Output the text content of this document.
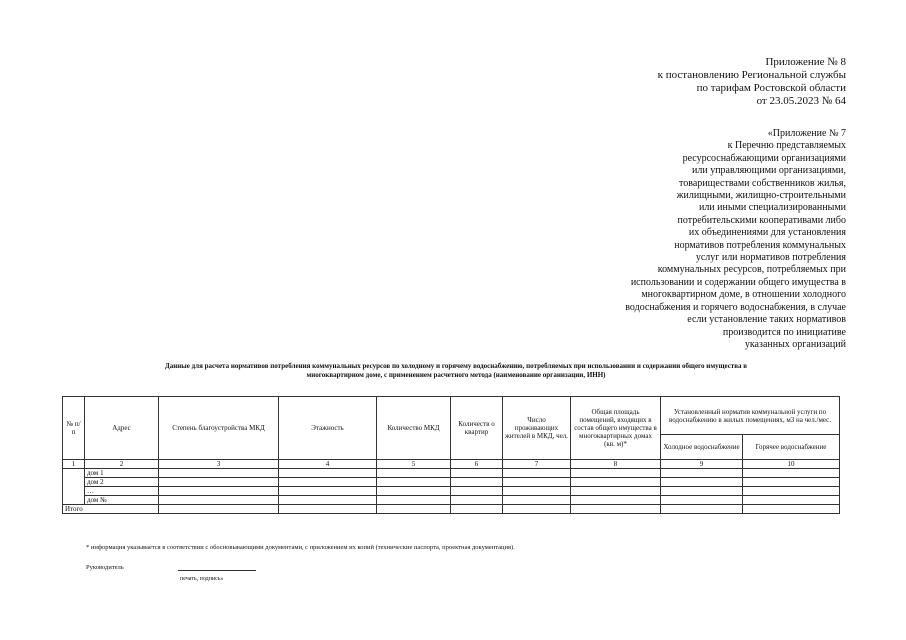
Приложение № 8
к постановлению Региональной службы
по тарифам Ростовской области
от 23.05.2023 № 64
«Приложение № 7
к Перечню представляемых
ресурсоснабжающими организациями
или управляющими организациями,
товариществами собственников жилья,
жилищными, жилищно-строительными
или иными специализированными
потребительскими кооперативами либо
их объединениями для установления
нормативов потребления коммунальных
услуг или нормативов потребления
коммунальных ресурсов, потребляемых при
использовании и содержании общего имущества в
многоквартирном доме, в отношении холодного
водоснабжения и горячего водоснабжения, в случае
если установление таких нормативов
производится по инициативе
указанных организаций
Данные для расчета нормативов потребления коммунальных ресурсов по холодному и горячему водоснабжению, потребляемых при использовании и содержании общего имущества в
многоквартирном доме, с применением расчетного метода (наименование организации, ИНН)
№ п/п	Адрес	Степень благоустройства МКД	Этажность	Количество МКД	Количеств о квартир	Число проживающих жителей в МКД, чел.	Общая площадь помещений, входящих в состав общего имущества в многоквартирных домах (кв. м)*	Установленный норматив коммунальной услуги по водоснабжению в жилых помещениях, м3 на чел./мес.	
								Холодное водоснабжение	Горячее водоснабжение
1	2	3	4	5	6	7	8	9	10
	дом 1								
	дом 2								
	…								
	дом №								
Итого									
* информация указывается в соответствии с обосновывающими документами, с приложением их копий (технические паспорта, проектная документация).
Руководитель
печать, подпись»
